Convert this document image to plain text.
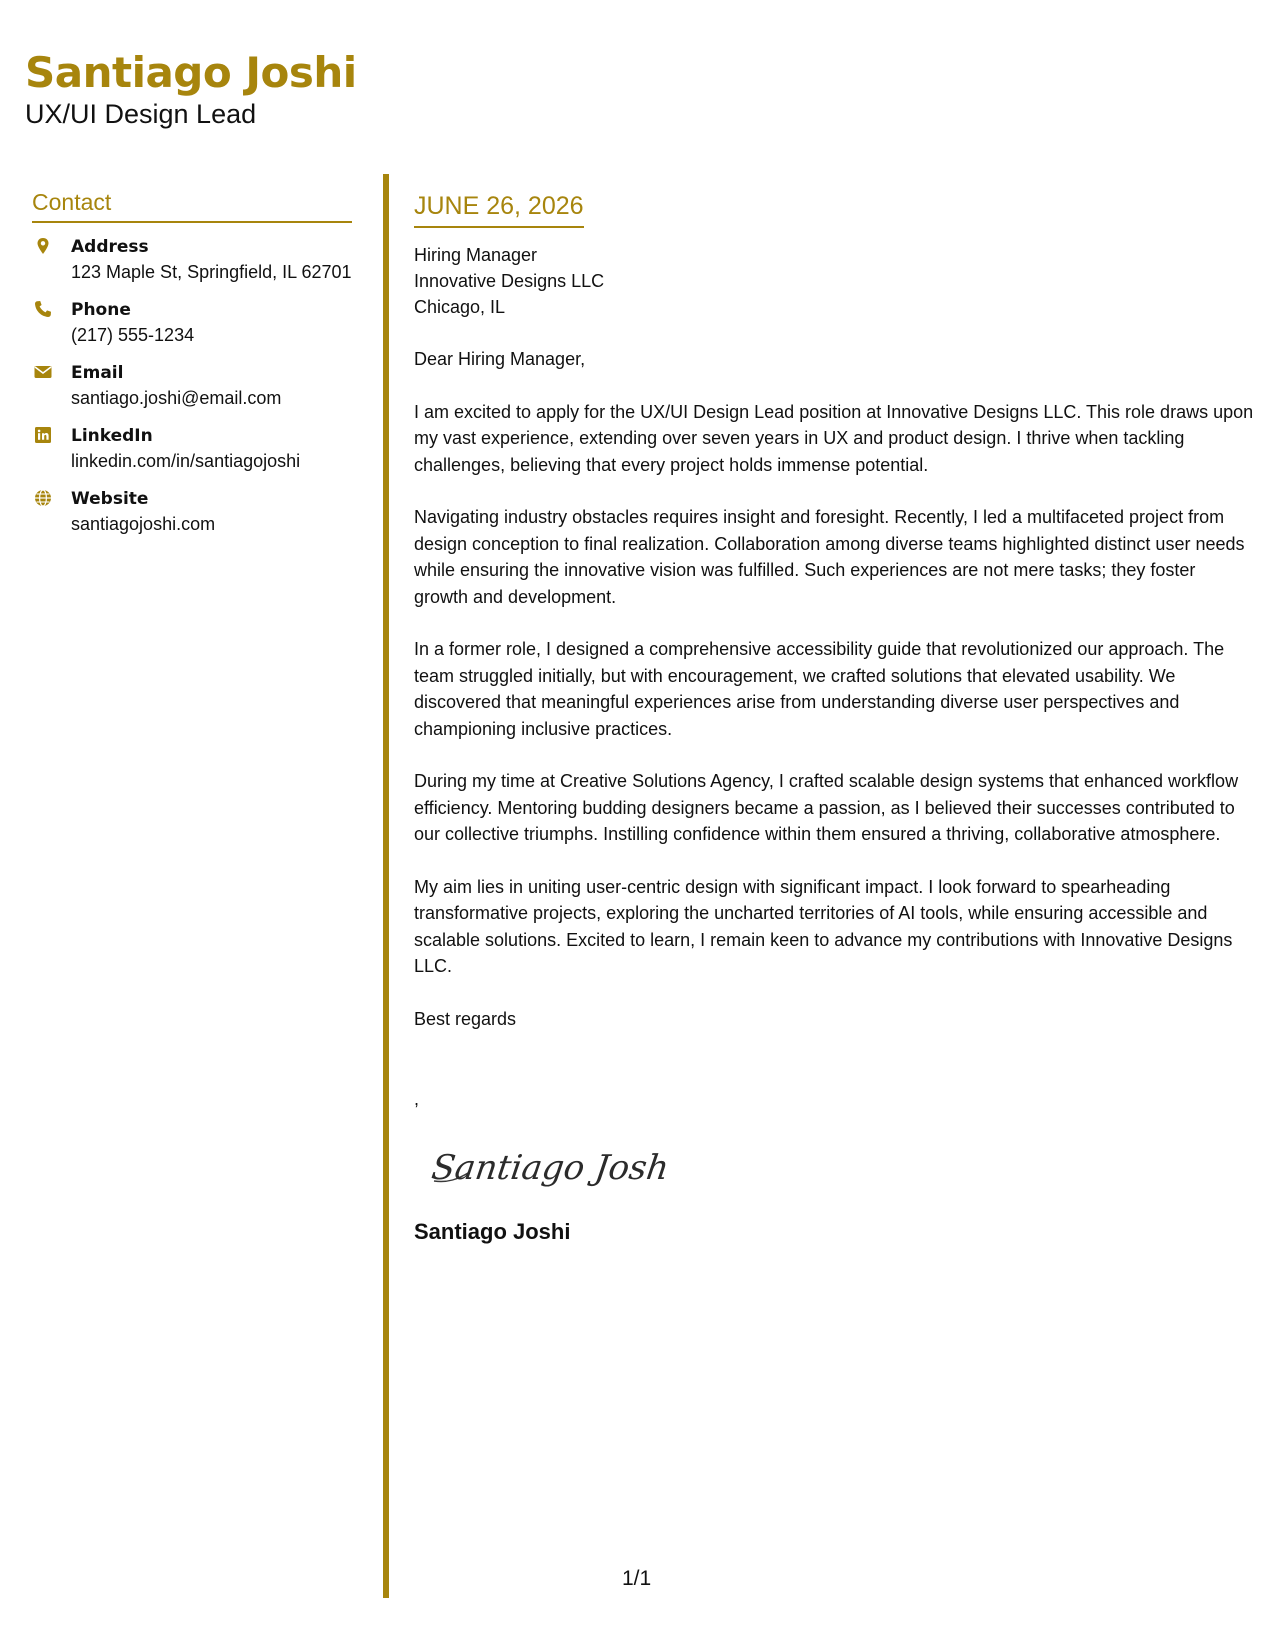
Santiago Joshi
UX/UI Design Lead
Contact
Address
123 Maple St, Springfield, IL 62701
Phone
(217) 555-1234
Email
santiago.joshi@email.com
LinkedIn
linkedin.com/in/santiagojoshi
Website
santiagojoshi.com
JUNE 26, 2026
Hiring Manager
Innovative Designs LLC
Chicago, IL
Dear Hiring Manager,
I am excited to apply for the UX/UI Design Lead position at Innovative Designs LLC. This role draws upon my vast experience, extending over seven years in UX and product design. I thrive when tackling challenges, believing that every project holds immense potential.
Navigating industry obstacles requires insight and foresight. Recently, I led a multifaceted project from design conception to final realization. Collaboration among diverse teams highlighted distinct user needs while ensuring the innovative vision was fulfilled. Such experiences are not mere tasks; they foster growth and development.
In a former role, I designed a comprehensive accessibility guide that revolutionized our approach. The team struggled initially, but with encouragement, we crafted solutions that elevated usability. We discovered that meaningful experiences arise from understanding diverse user perspectives and championing inclusive practices.
During my time at Creative Solutions Agency, I crafted scalable design systems that enhanced workflow efficiency. Mentoring budding designers became a passion, as I believed their successes contributed to our collective triumphs. Instilling confidence within them ensured a thriving, collaborative atmosphere.
My aim lies in uniting user-centric design with significant impact. I look forward to spearheading transformative projects, exploring the uncharted territories of AI tools, while ensuring accessible and scalable solutions. Excited to learn, I remain keen to advance my contributions with Innovative Designs LLC.
Best regards
,
Santiago Joshi
Santiago Joshi
1/1
